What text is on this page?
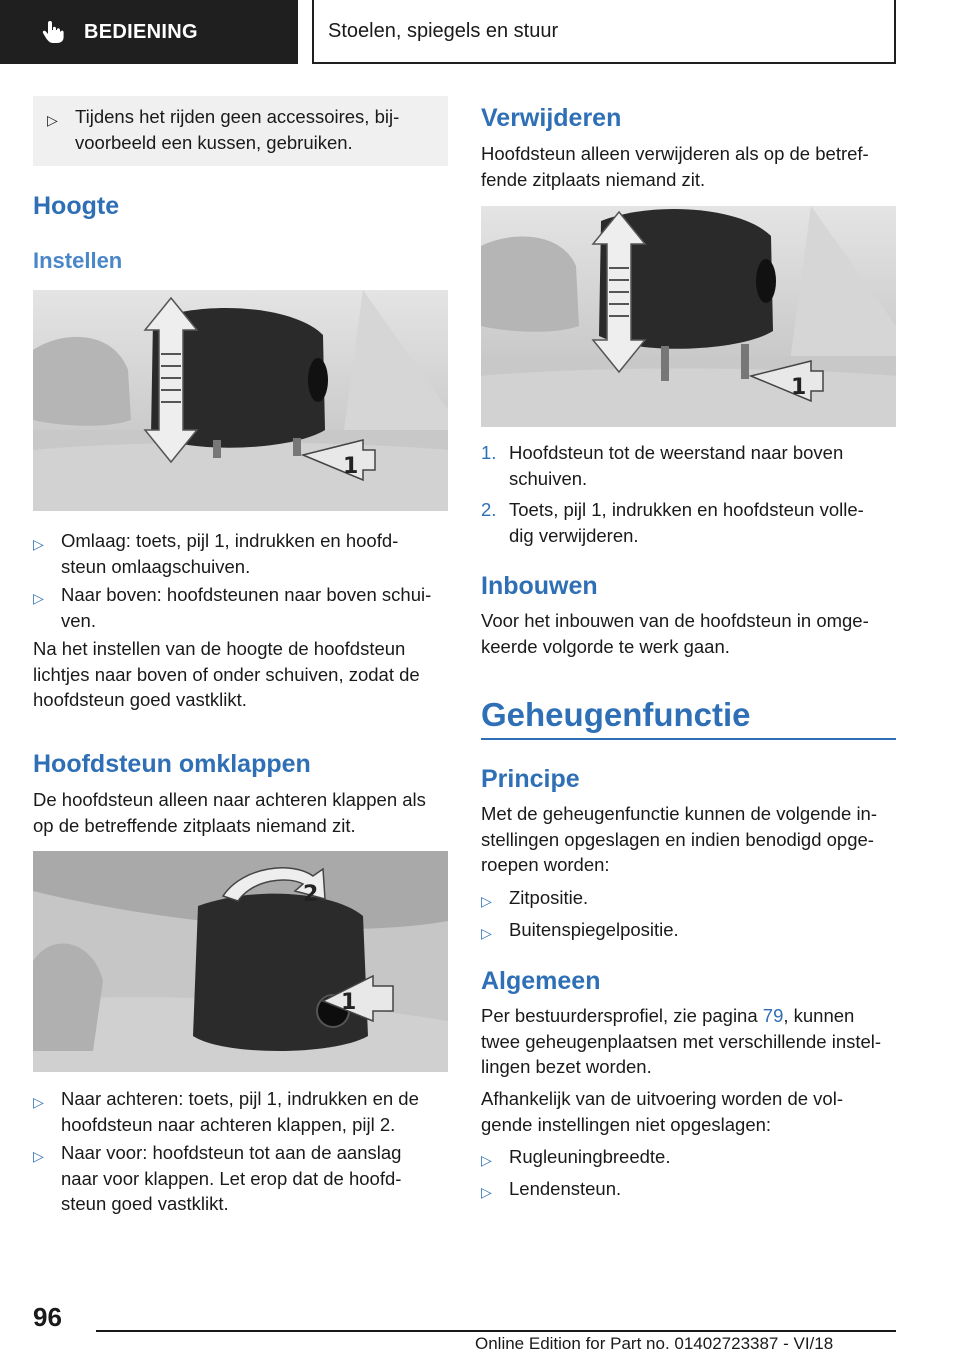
BEDIENING	Stoelen, spiegels en stuur
▷ Tijdens het rijden geen accessoires, bij-
voorbeeld een kussen, gebruiken.
Hoogte
Instellen
1
▷ Omlaag: toets, pijl 1, indrukken en hoofd-
steun omlaagschuiven.
▷ Naar boven: hoofdsteunen naar boven schui-
ven.
Na het instellen van de hoogte de hoofdsteun
lichtjes naar boven of onder schuiven, zodat de
hoofdsteun goed vastklikt.
Hoofdsteun omklappen
De hoofdsteun alleen naar achteren klappen als
op de betreffende zitplaats niemand zit.
2
1
▷ Naar achteren: toets, pijl 1, indrukken en de
hoofdsteun naar achteren klappen, pijl 2.
▷ Naar voor: hoofdsteun tot aan de aanslag
naar voor klappen. Let erop dat de hoofd-
steun goed vastklikt.
Verwijderen
Hoofdsteun alleen verwijderen als op de betref-
fende zitplaats niemand zit.
1
1. Hoofdsteun tot de weerstand naar boven
schuiven.
2. Toets, pijl 1, indrukken en hoofdsteun volle-
dig verwijderen.
Inbouwen
Voor het inbouwen van de hoofdsteun in omge-
keerde volgorde te werk gaan.
Geheugenfunctie
Principe
Met de geheugenfunctie kunnen de volgende in-
stellingen opgeslagen en indien benodigd opge-
roepen worden:
▷ Zitpositie.
▷ Buitenspiegelpositie.
Algemeen
Per bestuurdersprofiel, zie pagina 79, kunnen
twee geheugenplaatsen met verschillende instel-
lingen bezet worden.
Afhankelijk van de uitvoering worden de vol-
gende instellingen niet opgeslagen:
▷ Rugleuningbreedte.
▷ Lendensteun.
96
Online Edition for Part no. 01402723387 - VI/18
